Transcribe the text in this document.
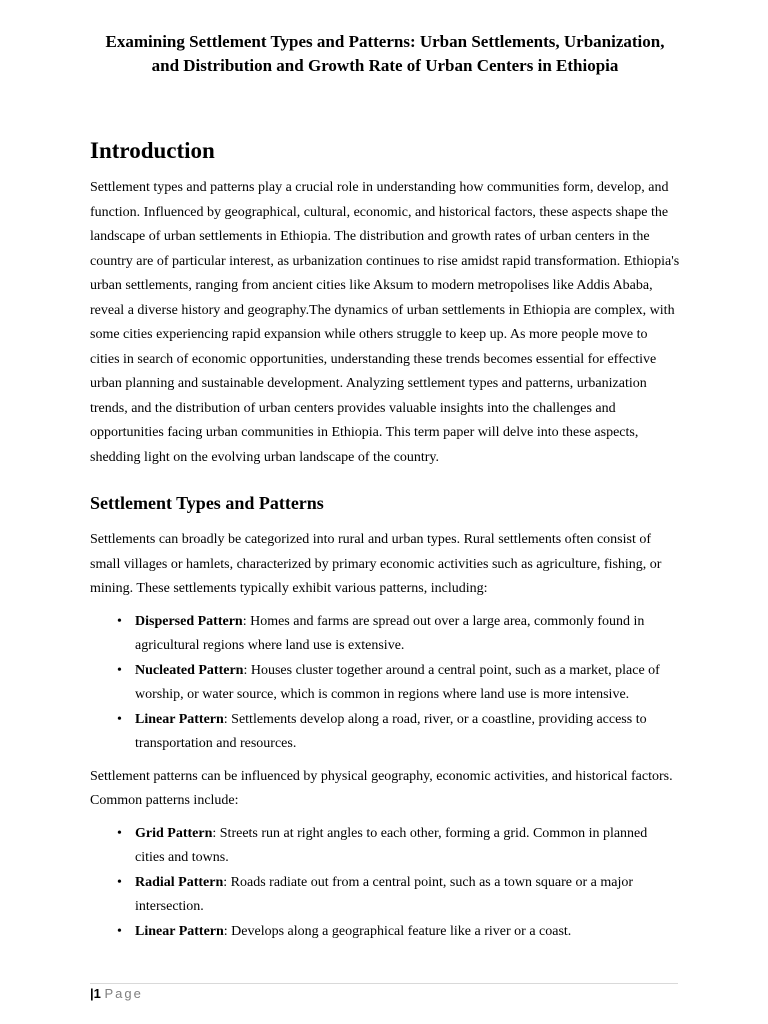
Examining Settlement Types and Patterns: Urban Settlements, Urbanization, and Distribution and Growth Rate of Urban Centers in Ethiopia
Introduction

Settlement types and patterns play a crucial role in understanding how communities form, develop, and function. Influenced by geographical, cultural, economic, and historical factors, these aspects shape the landscape of urban settlements in Ethiopia. The distribution and growth rates of urban centers in the country are of particular interest, as urbanization continues to rise amidst rapid transformation. Ethiopia's urban settlements, ranging from ancient cities like Aksum to modern metropolises like Addis Ababa, reveal a diverse history and geography.The dynamics of urban settlements in Ethiopia are complex, with some cities experiencing rapid expansion while others struggle to keep up. As more people move to cities in search of economic opportunities, understanding these trends becomes essential for effective urban planning and sustainable development. Analyzing settlement types and patterns, urbanization trends, and the distribution of urban centers provides valuable insights into the challenges and opportunities facing urban communities in Ethiopia. This term paper will delve into these aspects, shedding light on the evolving urban landscape of the country.

Settlement Types and Patterns

Settlements can broadly be categorized into rural and urban types. Rural settlements often consist of small villages or hamlets, characterized by primary economic activities such as agriculture, fishing, or mining. These settlements typically exhibit various patterns, including:

• Dispersed Pattern: Homes and farms are spread out over a large area, commonly found in agricultural regions where land use is extensive.
• Nucleated Pattern: Houses cluster together around a central point, such as a market, place of worship, or water source, which is common in regions where land use is more intensive.
• Linear Pattern: Settlements develop along a road, river, or a coastline, providing access to transportation and resources.

Settlement patterns can be influenced by physical geography, economic activities, and historical factors. Common patterns include:

• Grid Pattern: Streets run at right angles to each other, forming a grid. Common in planned cities and towns.
• Radial Pattern: Roads radiate out from a central point, such as a town square or a major intersection.
• Linear Pattern: Develops along a geographical feature like a river or a coast.
|1 Page
